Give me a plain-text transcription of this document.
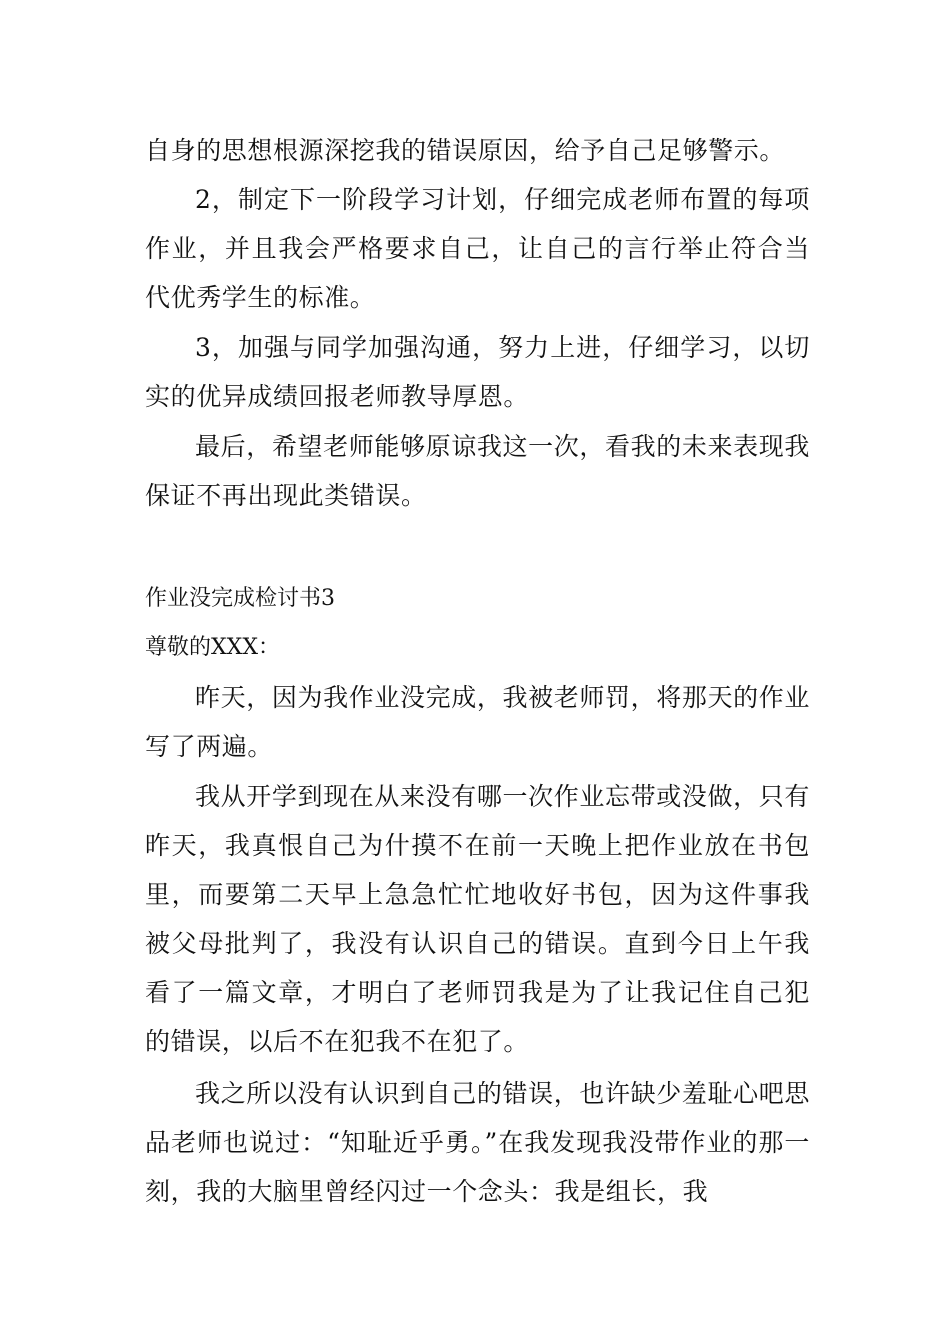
自身的思想根源深挖我的错误原因，给予自己足够警示。

2，制定下一阶段学习计划，仔细完成老师布置的每项作业，并且我会严格要求自己，让自己的言行举止符合当代优秀学生的标准。

3，加强与同学加强沟通，努力上进，仔细学习，以切实的优异成绩回报老师教导厚恩。

最后，希望老师能够原谅我这一次，看我的未来表现我保证不再出现此类错误。

作业没完成检讨书3

尊敬的XXX：

昨天，因为我作业没完成，我被老师罚，将那天的作业写了两遍。

我从开学到现在从来没有哪一次作业忘带或没做，只有昨天，我真恨自己为什摸不在前一天晚上把作业放在书包里，而要第二天早上急急忙忙地收好书包，因为这件事我被父母批判了，我没有认识自己的错误。直到今日上午我看了一篇文章，才明白了老师罚我是为了让我记住自己犯的错误，以后不在犯我不在犯了。

我之所以没有认识到自己的错误，也许缺少羞耻心吧思品老师也说过：“知耻近乎勇。”在我发现我没带作业的那一刻，我的大脑里曾经闪过一个念头：我是组长，我
